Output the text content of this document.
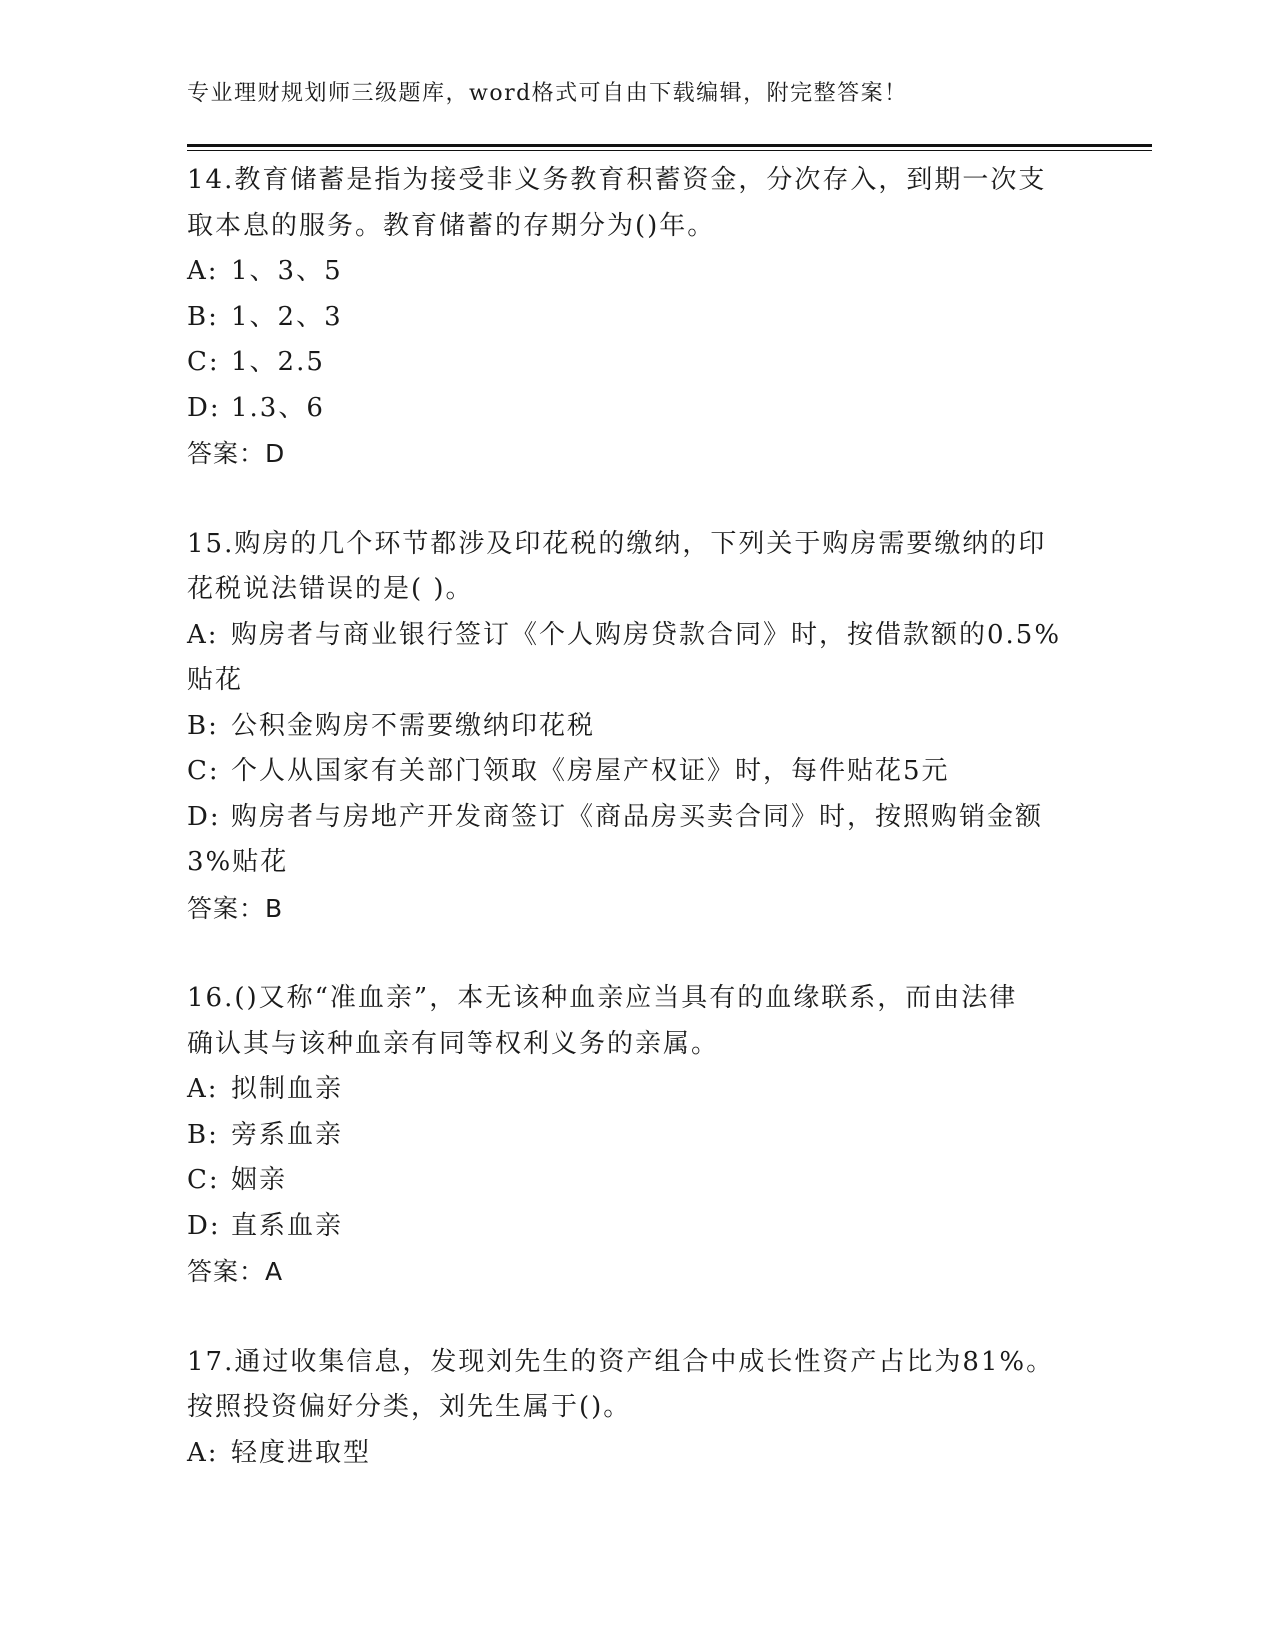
专业理财规划师三级题库，word格式可自由下载编辑，附完整答案！
14.教育储蓄是指为接受非义务教育积蓄资金，分次存入，到期一次支
取本息的服务。教育储蓄的存期分为()年。
A: 1、3、5
B: 1、2、3
C: 1、2.5
D: 1.3、6
答案：D
15.购房的几个环节都涉及印花税的缴纳，下列关于购房需要缴纳的印
花税说法错误的是( )。
A: 购房者与商业银行签订《个人购房贷款合同》时，按借款额的0.5%
贴花
B: 公积金购房不需要缴纳印花税
C: 个人从国家有关部门领取《房屋产权证》时，每件贴花5元
D: 购房者与房地产开发商签订《商品房买卖合同》时，按照购销金额
3%贴花
答案：B
16.()又称“准血亲”，本无该种血亲应当具有的血缘联系，而由法律
确认其与该种血亲有同等权利义务的亲属。
A: 拟制血亲
B: 旁系血亲
C: 姻亲
D: 直系血亲
答案：A
17.通过收集信息，发现刘先生的资产组合中成长性资产占比为81%。
按照投资偏好分类，刘先生属于()。
A: 轻度进取型
